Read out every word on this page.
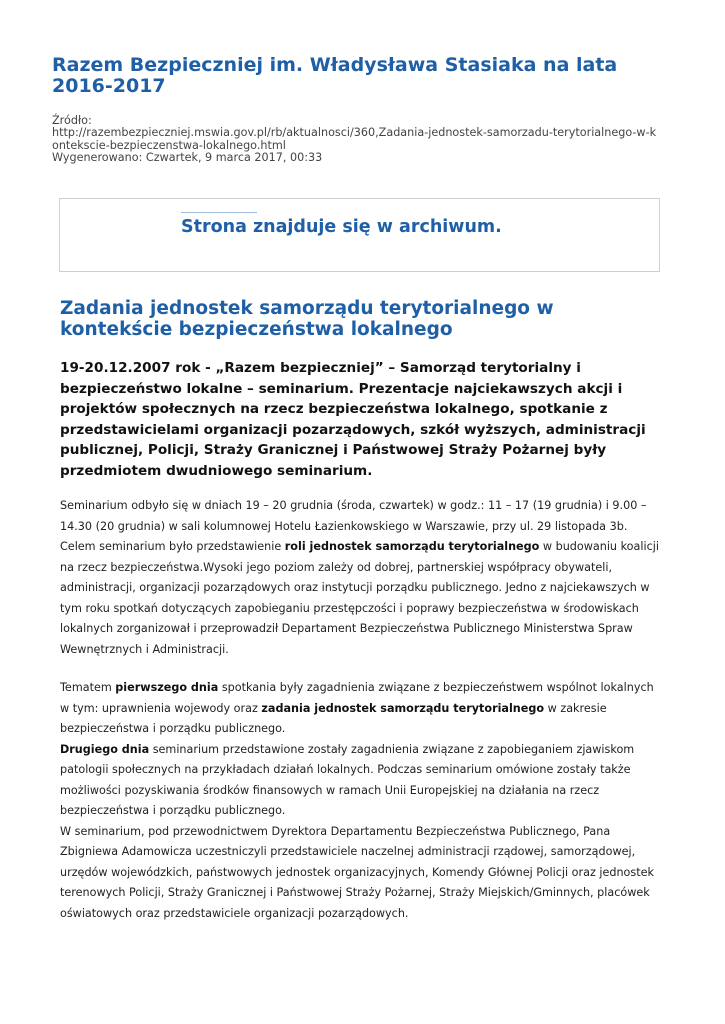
Razem Bezpieczniej im. Władysława Stasiaka na lata 2016-2017
Źródło:
http://razembezpieczniej.mswia.gov.pl/rb/aktualnosci/360,Zadania-jednostek-samorzadu-terytorialnego-w-k
ontekscie-bezpieczenstwa-lokalnego.html
Wygenerowano: Czwartek, 9 marca 2017, 00:33
Strona znajduje się w archiwum.
Zadania jednostek samorządu terytorialnego w kontekście bezpieczeństwa lokalnego

19-20.12.2007 rok - „Razem bezpieczniej” – Samorząd terytorialny i bezpieczeństwo lokalne – seminarium. Prezentacje najciekawszych akcji i projektów społecznych na rzecz bezpieczeństwa lokalnego, spotkanie z przedstawicielami organizacji pozarządowych, szkół wyższych, administracji publicznej, Policji, Straży Granicznej i Państwowej Straży Pożarnej były przedmiotem dwudniowego seminarium.

Seminarium odbyło się w dniach 19 – 20 grudnia (środa, czwartek) w godz.: 11 – 17 (19 grudnia) i 9.00 – 14.30 (20 grudnia) w sali kolumnowej Hotelu Łazienkowskiego w Warszawie, przy ul. 29 listopada 3b. Celem seminarium było przedstawienie roli jednostek samorządu terytorialnego w budowaniu koalicji na rzecz bezpieczeństwa.Wysoki jego poziom zależy od dobrej, partnerskiej współpracy obywateli, administracji, organizacji pozarządowych oraz instytucji porządku publicznego. Jedno z najciekawszych w tym roku spotkań dotyczących zapobieganiu przestępczości i poprawy bezpieczeństwa w środowiskach lokalnych zorganizował i przeprowadził Departament Bezpieczeństwa Publicznego Ministerstwa Spraw Wewnętrznych i Administracji.

Tematem pierwszego dnia spotkania były zagadnienia związane z bezpieczeństwem wspólnot lokalnych w tym: uprawnienia wojewody oraz zadania jednostek samorządu terytorialnego w zakresie bezpieczeństwa i porządku publicznego.
Drugiego dnia seminarium przedstawione zostały zagadnienia związane z zapobieganiem zjawiskom patologii społecznych na przykładach działań lokalnych. Podczas seminarium omówione zostały także możliwości pozyskiwania środków finansowych w ramach Unii Europejskiej na działania na rzecz bezpieczeństwa i porządku publicznego.
W seminarium, pod przewodnictwem Dyrektora Departamentu Bezpieczeństwa Publicznego, Pana Zbigniewa Adamowicza uczestniczyli przedstawiciele naczelnej administracji rządowej, samorządowej, urzędów wojewódzkich, państwowych jednostek organizacyjnych, Komendy Głównej Policji oraz jednostek terenowych Policji, Straży Granicznej i Państwowej Straży Pożarnej, Straży Miejskich/Gminnych, placówek oświatowych oraz przedstawiciele organizacji pozarządowych.
